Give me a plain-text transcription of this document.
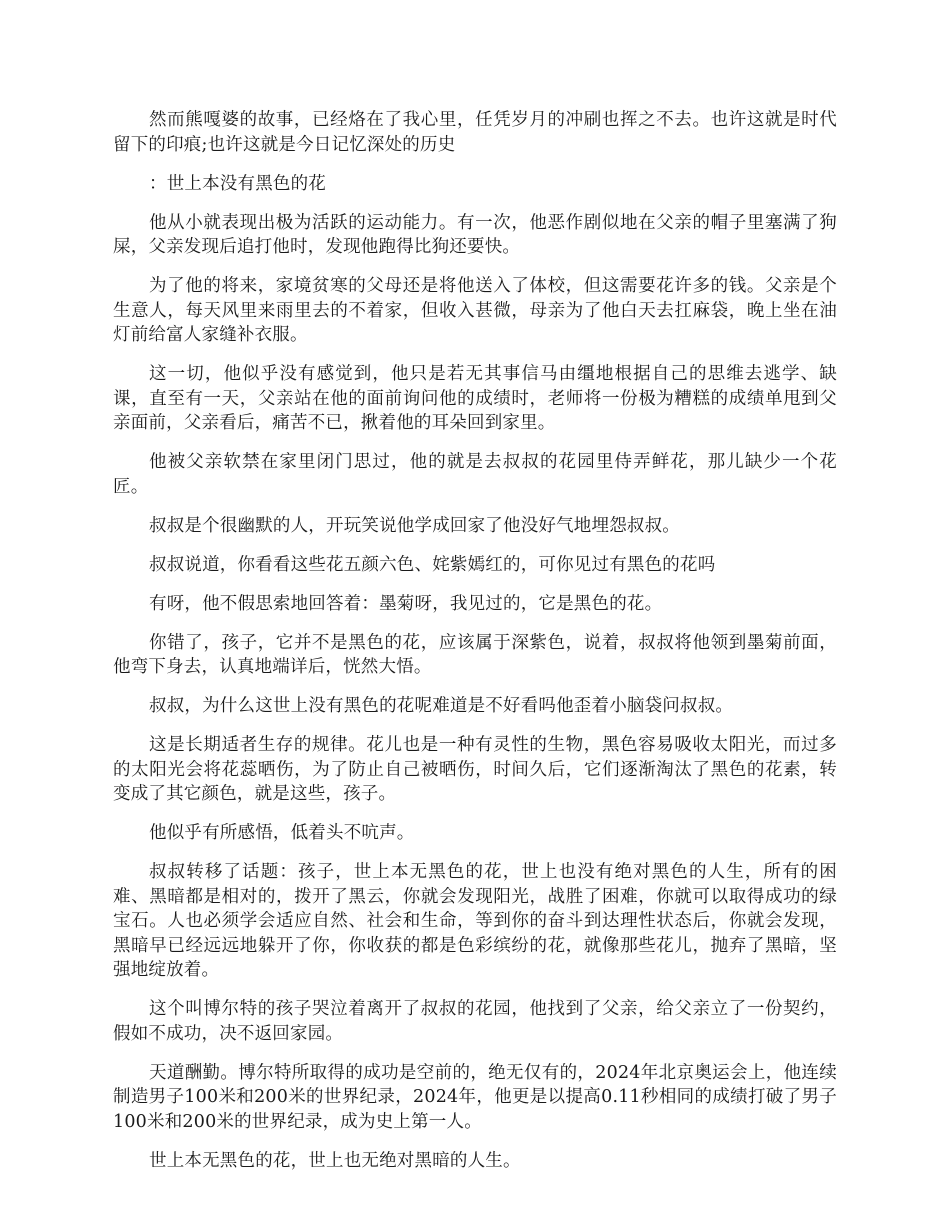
然而熊嘎婆的故事，已经烙在了我心里，任凭岁月的冲刷也挥之不去。也许这就是时代留下的印痕;也许这就是今日记忆深处的历史

：世上本没有黑色的花

他从小就表现出极为活跃的运动能力。有一次，他恶作剧似地在父亲的帽子里塞满了狗屎，父亲发现后追打他时，发现他跑得比狗还要快。

为了他的将来，家境贫寒的父母还是将他送入了体校，但这需要花许多的钱。父亲是个生意人，每天风里来雨里去的不着家，但收入甚微，母亲为了他白天去扛麻袋，晚上坐在油灯前给富人家缝补衣服。

这一切，他似乎没有感觉到，他只是若无其事信马由缰地根据自己的思维去逃学、缺课，直至有一天，父亲站在他的面前询问他的成绩时，老师将一份极为糟糕的成绩单甩到父亲面前，父亲看后，痛苦不已，揪着他的耳朵回到家里。

他被父亲软禁在家里闭门思过，他的就是去叔叔的花园里侍弄鲜花，那儿缺少一个花匠。

叔叔是个很幽默的人，开玩笑说他学成回家了他没好气地埋怨叔叔。

叔叔说道，你看看这些花五颜六色、姹紫嫣红的，可你见过有黑色的花吗

有呀，他不假思索地回答着：墨菊呀，我见过的，它是黑色的花。

你错了，孩子，它并不是黑色的花，应该属于深紫色，说着，叔叔将他领到墨菊前面，他弯下身去，认真地端详后，恍然大悟。

叔叔，为什么这世上没有黑色的花呢难道是不好看吗他歪着小脑袋问叔叔。

这是长期适者生存的规律。花儿也是一种有灵性的生物，黑色容易吸收太阳光，而过多的太阳光会将花蕊晒伤，为了防止自己被晒伤，时间久后，它们逐渐淘汰了黑色的花素，转变成了其它颜色，就是这些，孩子。

他似乎有所感悟，低着头不吭声。

叔叔转移了话题：孩子，世上本无黑色的花，世上也没有绝对黑色的人生，所有的困难、黑暗都是相对的，拨开了黑云，你就会发现阳光，战胜了困难，你就可以取得成功的绿宝石。人也必须学会适应自然、社会和生命，等到你的奋斗到达理性状态后，你就会发现，黑暗早已经远远地躲开了你，你收获的都是色彩缤纷的花，就像那些花儿，抛弃了黑暗，坚强地绽放着。

这个叫博尔特的孩子哭泣着离开了叔叔的花园，他找到了父亲，给父亲立了一份契约，假如不成功，决不返回家园。

天道酬勤。博尔特所取得的成功是空前的，绝无仅有的，2024年北京奥运会上，他连续制造男子100米和200米的世界纪录，2024年，他更是以提高0.11秒相同的成绩打破了男子100米和200米的世界纪录，成为史上第一人。

世上本无黑色的花，世上也无绝对黑暗的人生。
